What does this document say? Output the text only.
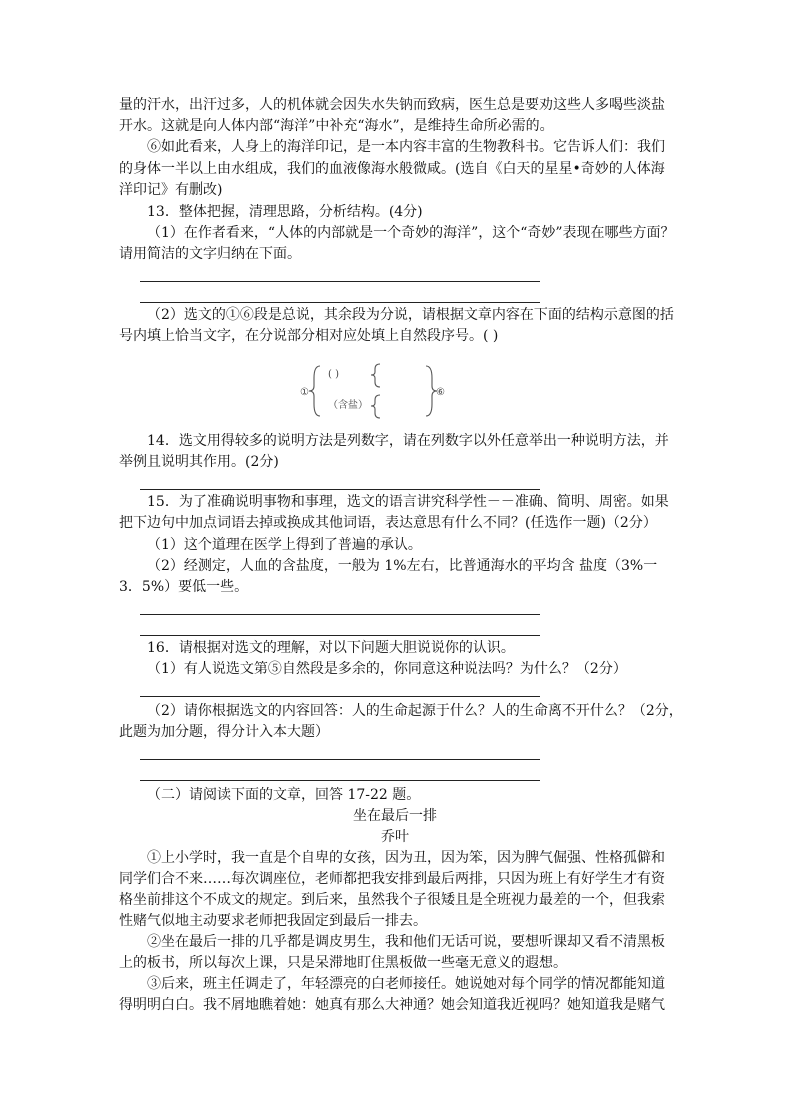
量的汗水，出汗过多，人的机体就会因失水失钠而致病，医生总是要劝这些人多喝些淡盐
开水。这就是向人体内部“海洋”中补充“海水”，是维持生命所必需的。
⑥如此看来，人身上的海洋印记，是一本内容丰富的生物教科书。它告诉人们：我们
的身体一半以上由水组成，我们的血液像海水般微咸。(选自《白天的星星•奇妙的人体海
洋印记》有删改)
13．整体把握，清理思路，分析结构。(4分)
（1）在作者看来，“人体的内部就是一个奇妙的海洋”，这个“奇妙”表现在哪些方面？
请用简洁的文字归纳在下面。
（2）选文的①⑥段是总说，其余段为分说，请根据文章内容在下面的结构示意图的括
号内填上恰当文字，在分说部分相对应处填上自然段序号。( )
①
( )
（含盐）
⑥
14．选文用得较多的说明方法是列数字，请在列数字以外任意举出一种说明方法，并
举例且说明其作用。(2分)
15．为了准确说明事物和事理，选文的语言讲究科学性－－准确、简明、周密。如果
把下边句中加点词语去掉或换成其他词语，表达意思有什么不同？(任选作一题)（2分）
（1）这个道理在医学上得到了普遍的承认。
（2）经测定，人血的含盐度，一般为 1%左右，比普通海水的平均含 盐度（3%一
3．5%）要低一些。
16．请根据对选文的理解，对以下问题大胆说说你的认识。
（1）有人说选文第⑤自然段是多余的，你同意这种说法吗？为什么？（2分）
（2）请你根据选文的内容回答：人的生命起源于什么？人的生命离不开什么？（2分，
此题为加分题，得分计入本大题）
（二）请阅读下面的文章，回答 17-22 题。
坐在最后一排
乔叶
①上小学时，我一直是个自卑的女孩，因为丑，因为笨，因为脾气倔强、性格孤僻和
同学们合不来……每次调座位，老师都把我安排到最后两排，只因为班上有好学生才有资
格坐前排这个不成文的规定。到后来，虽然我个子很矮且是全班视力最差的一个，但我索
性赌气似地主动要求老师把我固定到最后一排去。
②坐在最后一排的几乎都是调皮男生，我和他们无话可说，要想听课却又看不清黑板
上的板书，所以每次上课，只是呆滞地盯住黑板做一些毫无意义的遐想。
③后来，班主任调走了，年轻漂亮的白老师接任。她说她对每个同学的情况都能知道
得明明白白。我不屑地瞧着她：她真有那么大神通？她会知道我近视吗？她知道我是赌气
